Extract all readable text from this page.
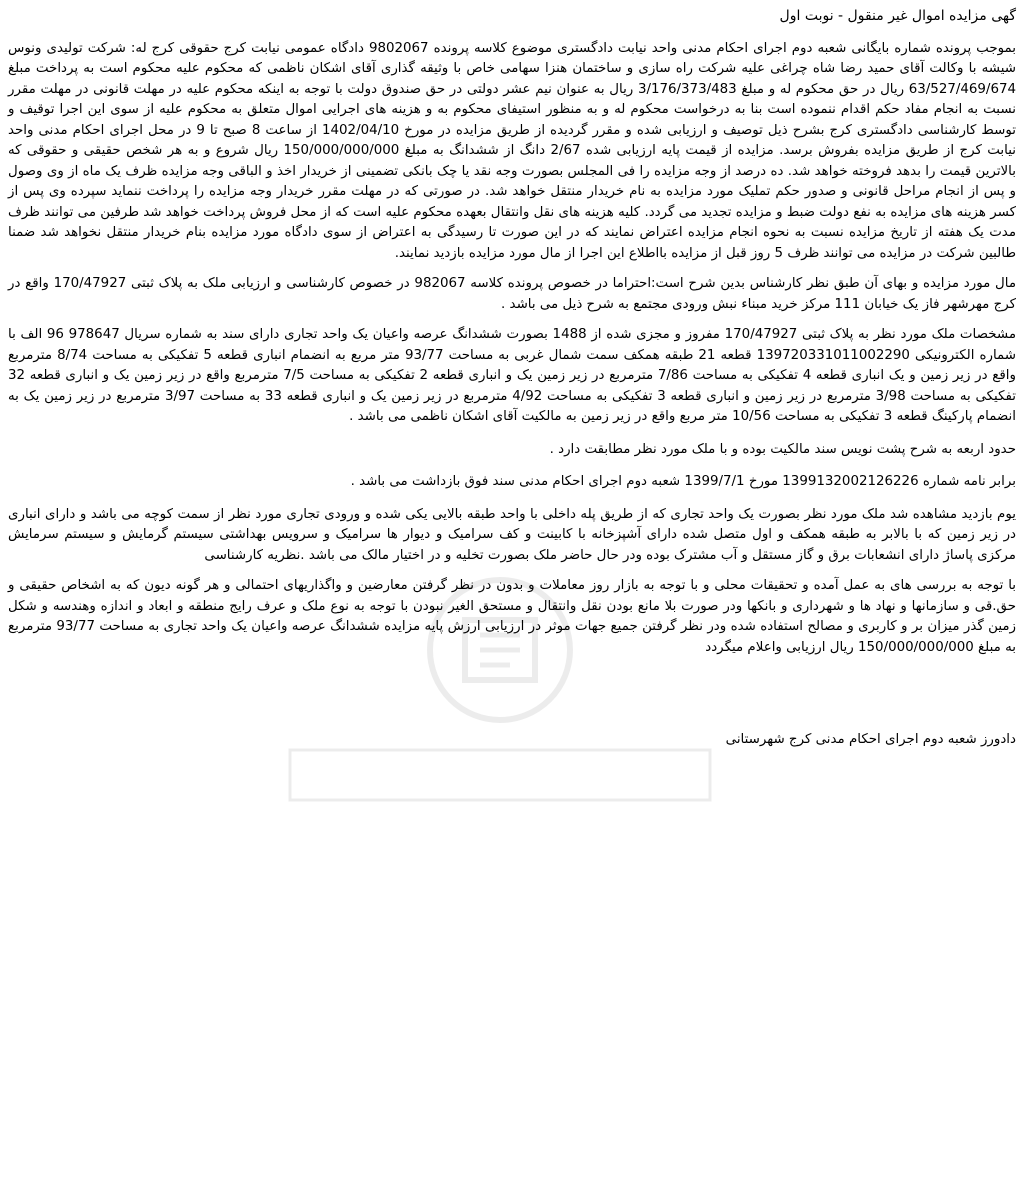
گهی مزایده اموال غیر منقول - نوبت اول

بموجب پرونده شماره بایگانی شعبه دوم اجرای احکام مدنی واحد نیابت دادگستری موضوع کلاسه پرونده 9802067 دادگاه عمومی نیابت کرج حقوقی کرج له: شرکت تولیدی ونوس شیشه با وکالت آقای حمید رضا شاه چراغی علیه شرکت راه سازی و ساختمان هنزا سهامی خاص با وثیقه گذاری آقای اشکان ناظمی که محکوم علیه محکوم است به پرداخت مبلغ 63/527/469/674 ریال در حق محکوم له و مبلغ 3/176/373/483 ریال به عنوان نیم عشر دولتی در حق صندوق دولت با توجه به اینکه محکوم علیه در مهلت قانونی در مهلت مقرر نسبت به انجام مفاد حکم اقدام ننموده است بنا به درخواست محکوم له و به منظور استیفای محکوم به و هزینه های اجرایی اموال متعلق به محکوم علیه از سوی این اجرا توقیف و توسط کارشناسی دادگستری کرج بشرح ذیل توصیف و ارزیابی شده و مقرر گردیده از طریق مزایده در مورخ 1402/04/10 از ساعت 8 صبح تا 9 در محل اجرای احکام مدنی واحد نیابت کرج از طریق مزایده بفروش برسد. مزایده از قیمت پایه ارزیابی شده 2/67 دانگ از ششدانگ به مبلغ 150/000/000/000 ریال شروع و به هر شخص حقیقی و حقوقی که بالاترین قیمت را بدهد فروخته خواهد شد. ده درصد از وجه مزایده را فی المجلس بصورت وجه نقد یا چک بانکی تضمینی از خریدار اخذ و الباقی وجه مزایده ظرف یک ماه از وی وصول و پس از انجام مراحل قانونی و صدور حکم تملیک مورد مزایده به نام خریدار منتقل خواهد شد. در صورتی که در مهلت مقرر خریدار وجه مزایده را پرداخت ننماید سپرده وی پس از کسر هزینه های مزایده به نفع دولت ضبط و مزایده تجدید می گردد. کلیه هزینه های نقل وانتقال بعهده محکوم علیه است که از محل فروش پرداخت خواهد شد طرفین می توانند ظرف مدت یک هفته از تاریخ مزایده نسبت به نحوه انجام مزایده اعتراض نمایند که در این صورت تا رسیدگی به اعتراض از سوی دادگاه مورد مزایده بنام خریدار منتقل نخواهد شد ضمنا طالبین شرکت در مزایده می توانند ظرف 5 روز قبل از مزایده بااطلاع این اجرا از مال مورد مزایده بازدید نمایند.

مال مورد مزایده و بهای آن طبق نظر کارشناس بدین شرح است:احتراما در خصوص پرونده کلاسه 982067 در خصوص کارشناسی و ارزیابی ملک به پلاک ثبتی 170/47927 واقع در کرج مهرشهر فاز یک خیابان 111 مرکز خرید مبناء نبش ورودی مجتمع به شرح ذیل می باشد .

مشخصات ملک مورد نظر به پلاک ثبتی 170/47927 مفروز و مجزی شده از 1488 بصورت ششدانگ عرصه واعیان یک واحد تجاری دارای سند به شماره سریال 978647 96 الف با شماره الکترونیکی 139720331011002290 قطعه 21 طبقه همکف سمت شمال غربی به مساحت 93/77 متر مربع به انضمام انباری قطعه 5 تفکیکی به مساحت 8/74 مترمربع واقع در زیر زمین و یک انباری قطعه 4 تفکیکی به مساحت 7/86 مترمربع در زیر زمین یک و انباری قطعه 2 تفکیکی به مساحت 7/5 مترمربع واقع در زیر زمین یک و انباری قطعه 32 تفکیکی به مساحت 3/98 مترمربع در زیر زمین و انباری قطعه 3 تفکیکی به مساحت 4/92 مترمربع در زیر زمین یک و انباری قطعه 33 به مساحت 3/97 مترمربع در زیر زمین یک به انضمام پارکینگ قطعه 3 تفکیکی به مساحت 10/56 متر مربع واقع در زیر زمین به مالکیت آقای اشکان ناظمی می باشد .

حدود اربعه به شرح پشت نویس سند مالکیت بوده و با ملک مورد نظر مطابقت دارد .

برابر نامه شماره 1399132002126226 مورخ 1399/7/1 شعبه دوم اجرای احکام مدنی سند فوق بازداشت می باشد .

یوم بازدید مشاهده شد ملک مورد نظر بصورت یک واحد تجاری که از طریق پله داخلی با واحد طبقه بالایی یکی شده و ورودی تجاری مورد نظر از سمت کوچه می باشد و دارای انباری در زیر زمین که با بالابر به طبقه همکف و اول متصل شده دارای آشپزخانه با کابینت و کف سرامیک و دیوار ها سرامیک و سرویس بهداشتی سیستم گرمایش و سیستم سرمایش مرکزی پاساژ دارای انشعابات برق و گاز مستقل و آب مشترک بوده ودر حال حاضر ملک بصورت تخلیه و در اختیار مالک می باشد .نظریه کارشناسی

با توجه به بررسی های به عمل آمده و تحقیقات محلی و با توجه به بازار روز معاملات و بدون در نظر گرفتن معارضین و واگذاریهای احتمالی و هر گونه دیون که به اشخاص حقیقی و حق.قی و سازمانها و نهاد ها و شهرداری و بانکها ودر صورت بلا مانع بودن نقل وانتقال و مستحق الغیر نبودن با توجه به نوع ملک و عرف رایج منطقه و ابعاد و اندازه وهندسه و شکل زمین گذر میزان بر و کاربری و مصالح استفاده شده ودر نظر گرفتن جمیع جهات موثر در ارزیابی ارزش پایه مزایده ششدانگ عرصه واعیان یک واحد تجاری به مساحت 93/77 مترمربع به مبلغ 150/000/000/000 ریال ارزیابی واعلام میگردد

دادورز شعبه دوم اجرای احکام مدنی کرج شهرستانی
